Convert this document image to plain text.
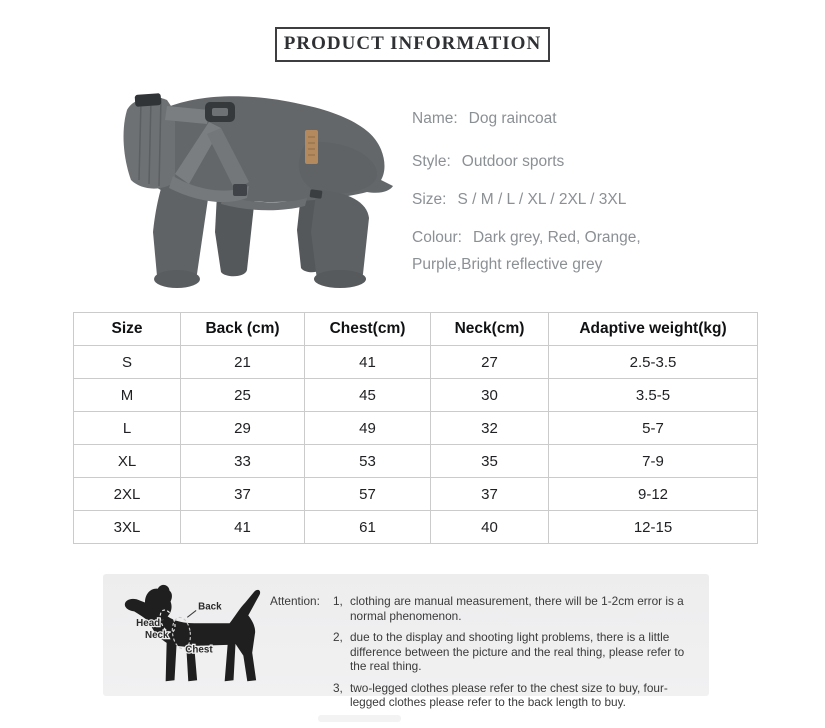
PRODUCT INFORMATION
Name: Dog raincoat
Style: Outdoor sports
Size: S / M / L / XL / 2XL / 3XL
Colour: Dark grey, Red, Orange,
Purple,Bright reflective grey
Size	Back (cm)	Chest(cm)	Neck(cm)	Adaptive weight(kg)
S	21	41	27	2.5-3.5
M	25	45	30	3.5-5
L	29	49	32	5-7
XL	33	53	35	7-9
2XL	37	57	37	9-12
3XL	41	61	40	12-15
Back
Head
Neck
Chest
Attention:	1, clothing are manual measurement, there will be 1-2cm error is a normal phenomenon.
2, due to the display and shooting light problems, there is a little difference between the picture and the real thing, please refer to the real thing.
3, two-legged clothes please refer to the chest size to buy, four-legged clothes please refer to the back length to buy.
